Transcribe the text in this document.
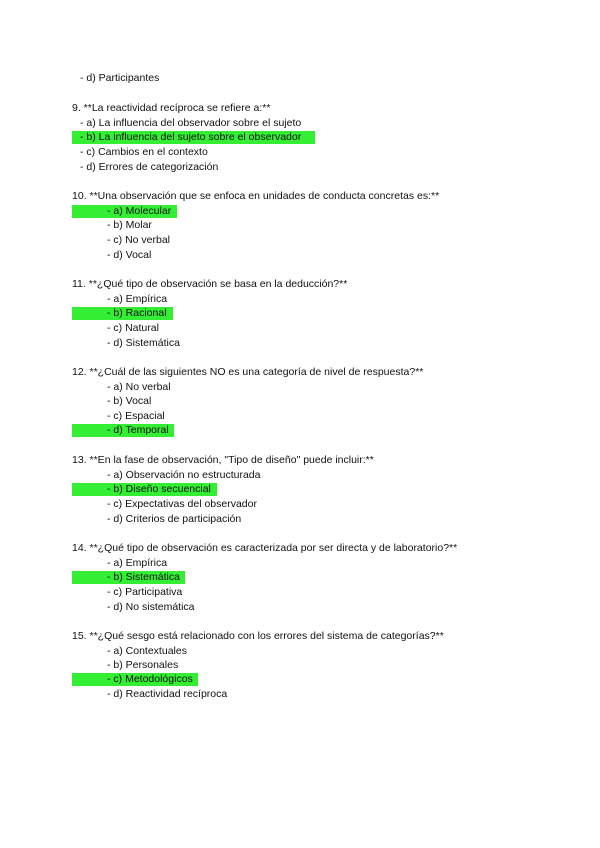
- d) Participantes
9. **La reactividad recíproca se refiere a:**
- a) La influencia del observador sobre el sujeto
- b) La influencia del sujeto sobre el observador
- c) Cambios en el contexto
- d) Errores de categorización
10. **Una observación que se enfoca en unidades de conducta concretas es:**
- a) Molecular
- b) Molar
- c) No verbal
- d) Vocal
11. **¿Qué tipo de observación se basa en la deducción?**
- a) Empírica
- b) Racional
- c) Natural
- d) Sistemática
12. **¿Cuál de las siguientes NO es una categoría de nivel de respuesta?**
- a) No verbal
- b) Vocal
- c) Espacial
- d) Temporal
13. **En la fase de observación, "Tipo de diseño" puede incluir:**
- a) Observación no estructurada
- b) Diseño secuencial
- c) Expectativas del observador
- d) Criterios de participación
14. **¿Qué tipo de observación es caracterizada por ser directa y de laboratorio?**
- a) Empírica
- b) Sistemática
- c) Participativa
- d) No sistemática
15. **¿Qué sesgo está relacionado con los errores del sistema de categorías?**
- a) Contextuales
- b) Personales
- c) Metodológicos
- d) Reactividad recíproca
